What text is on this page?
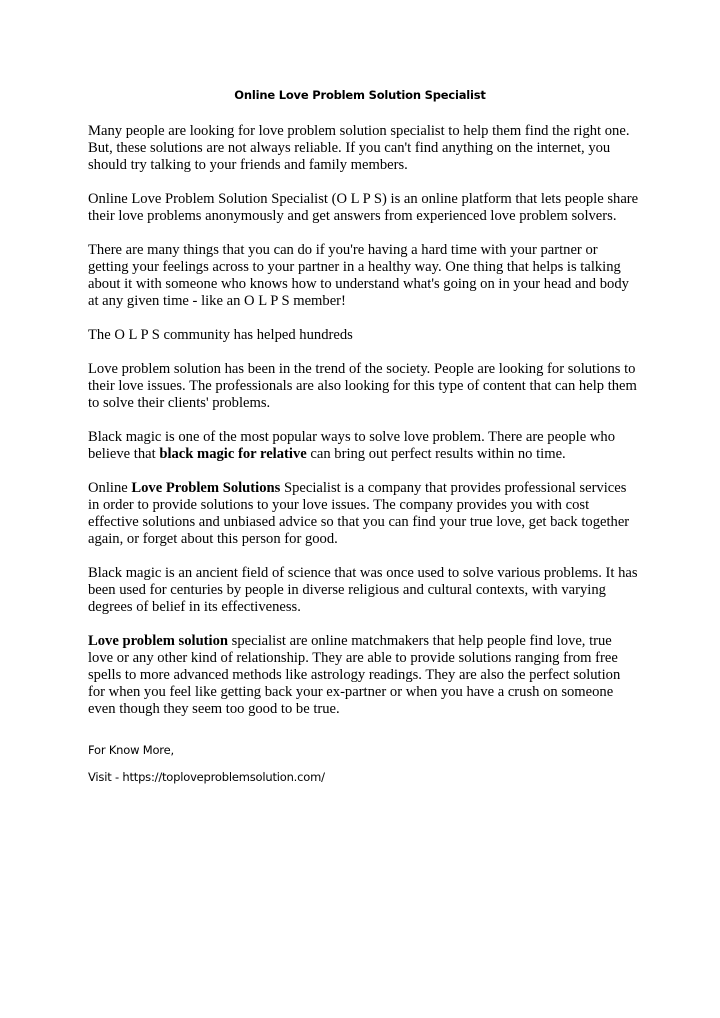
Online Love Problem Solution Specialist

Many people are looking for love problem solution specialist to help them find the right one. But, these solutions are not always reliable. If you can't find anything on the internet, you should try talking to your friends and family members.

Online Love Problem Solution Specialist (O L P S) is an online platform that lets people share their love problems anonymously and get answers from experienced love problem solvers.

There are many things that you can do if you're having a hard time with your partner or getting your feelings across to your partner in a healthy way. One thing that helps is talking about it with someone who knows how to understand what's going on in your head and body at any given time - like an O L P S member!

The O L P S community has helped hundreds

Love problem solution has been in the trend of the society. People are looking for solutions to their love issues. The professionals are also looking for this type of content that can help them to solve their clients' problems.

Black magic is one of the most popular ways to solve love problem. There are people who believe that black magic for relative can bring out perfect results within no time.

Online Love Problem Solutions Specialist is a company that provides professional services in order to provide solutions to your love issues. The company provides you with cost effective solutions and unbiased advice so that you can find your true love, get back together again, or forget about this person for good.

Black magic is an ancient field of science that was once used to solve various problems. It has been used for centuries by people in diverse religious and cultural contexts, with varying degrees of belief in its effectiveness.

Love problem solution specialist are online matchmakers that help people find love, true love or any other kind of relationship. They are able to provide solutions ranging from free spells to more advanced methods like astrology readings. They are also the perfect solution for when you feel like getting back your ex-partner or when you have a crush on someone even though they seem too good to be true.

For Know More,
Visit - https://toploveproblemsolution.com/
